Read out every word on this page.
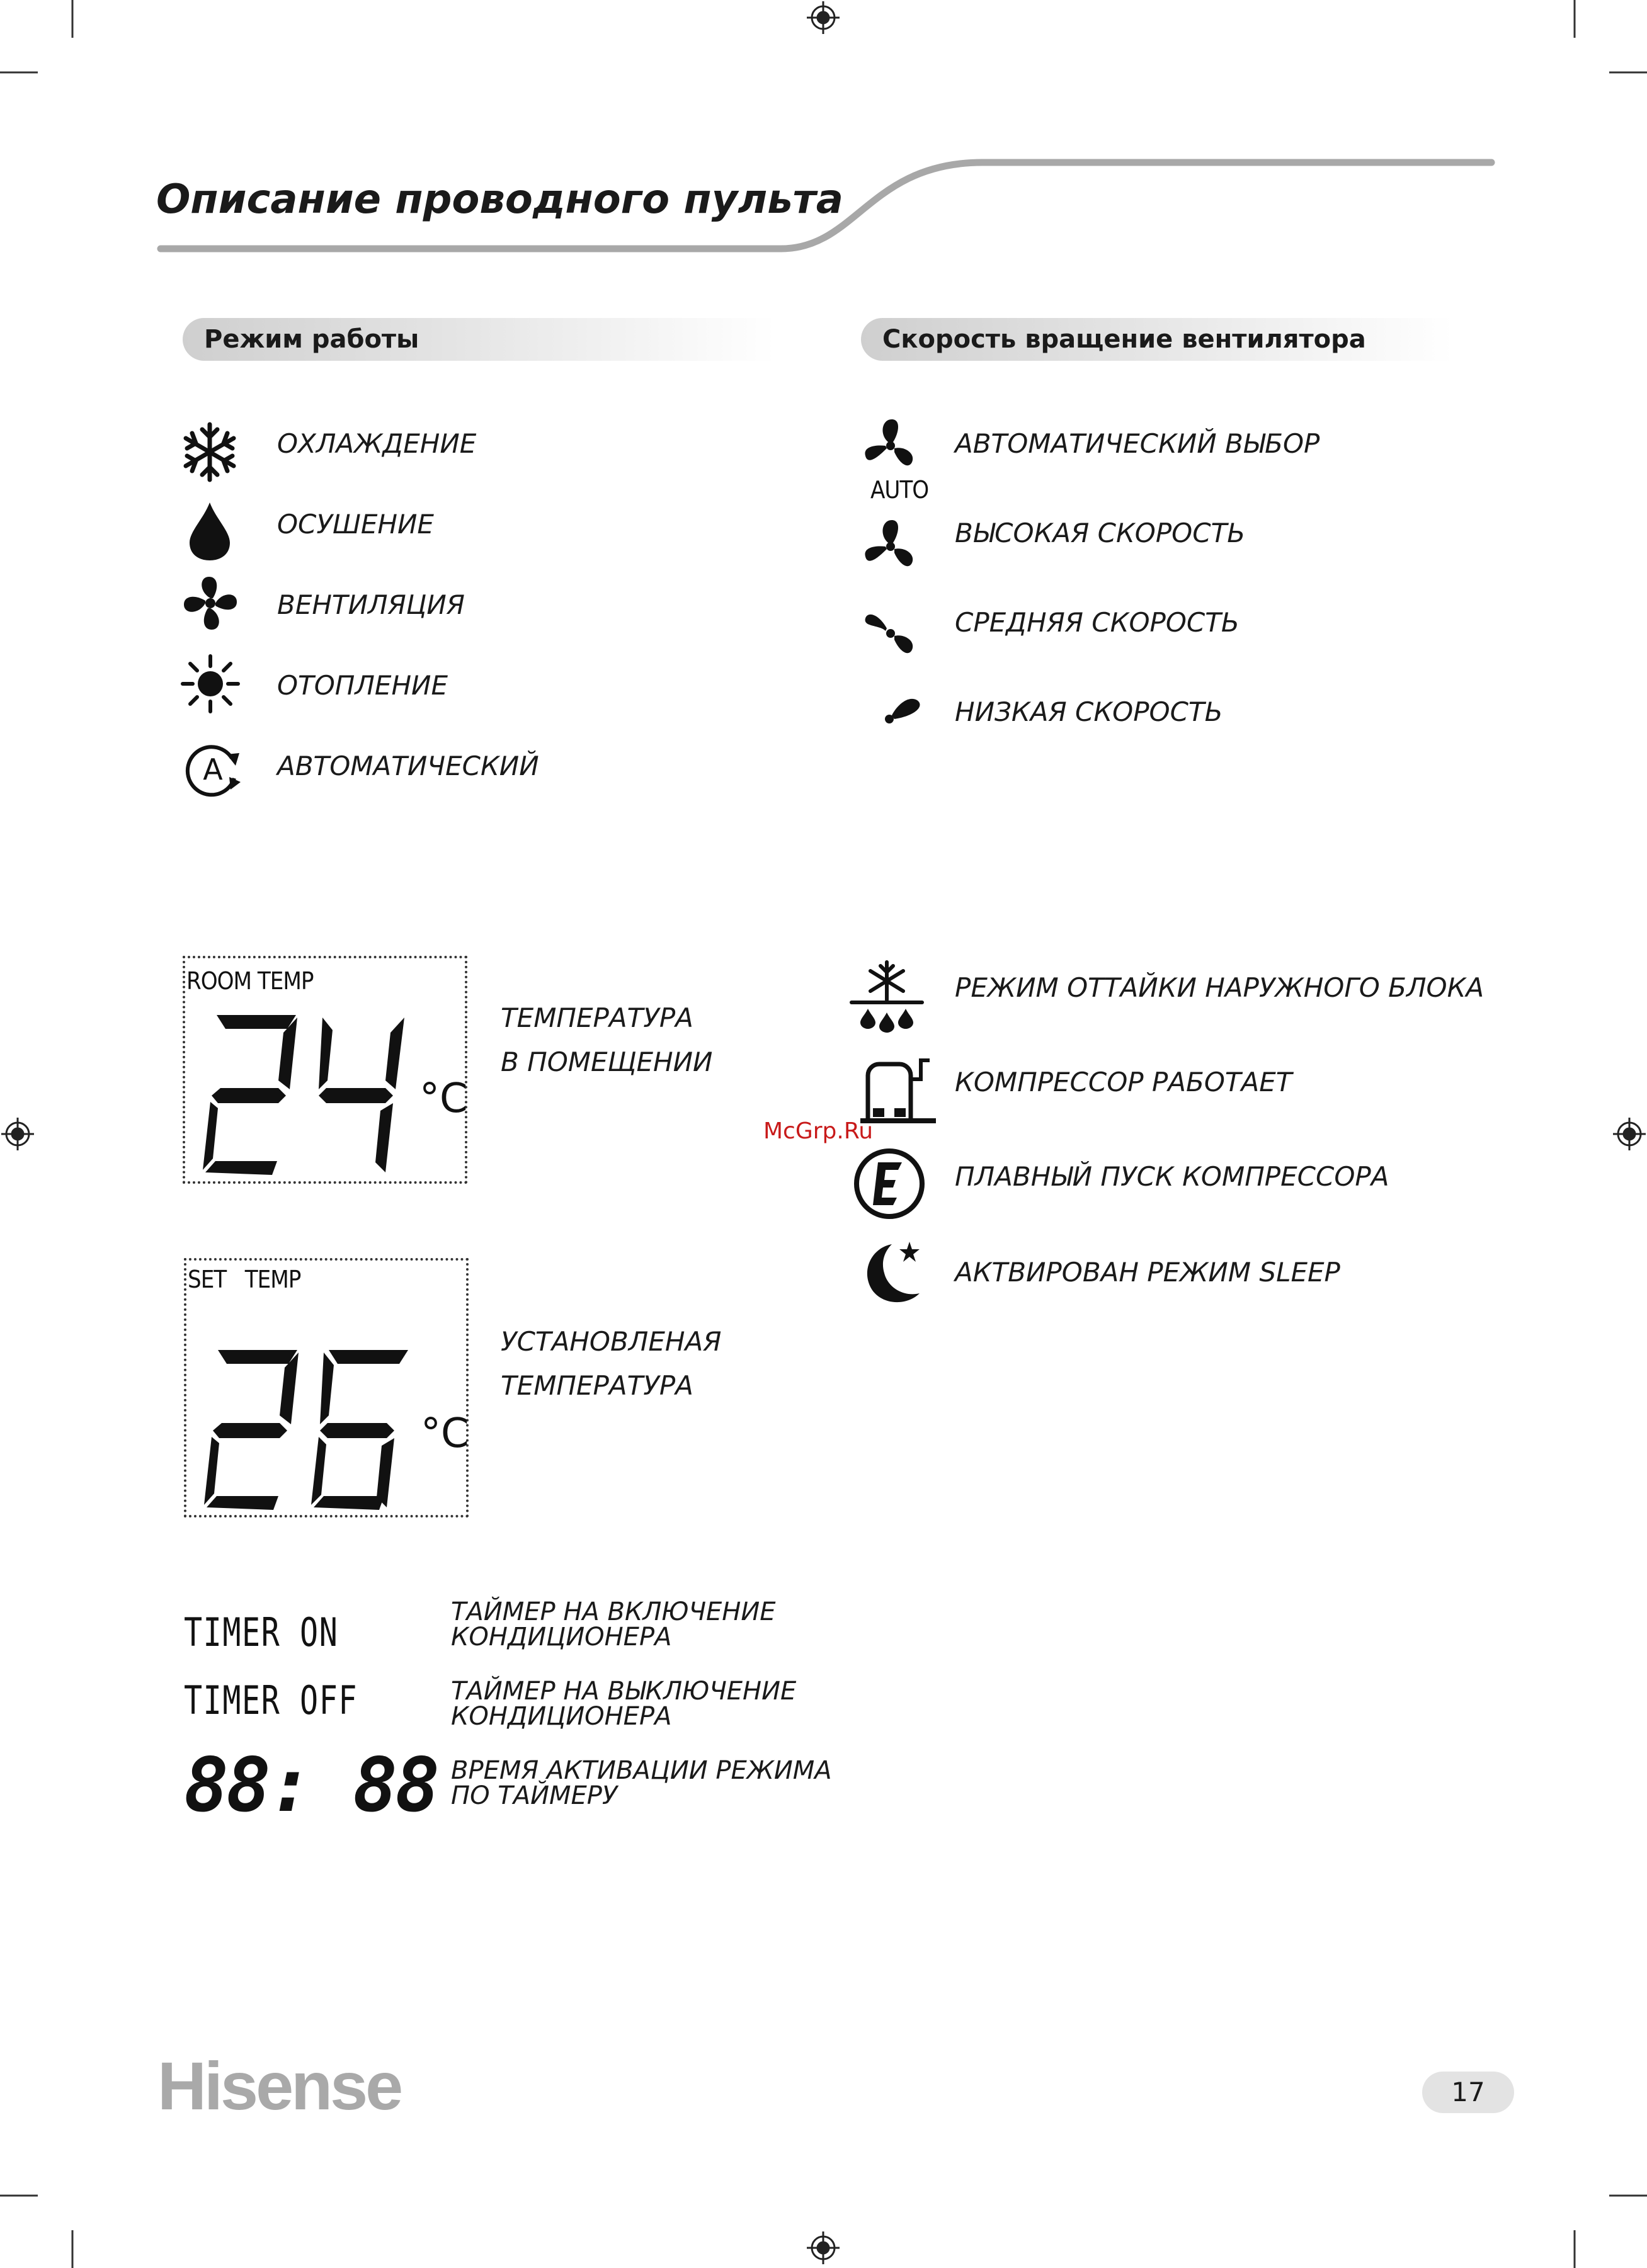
Описание проводного пульта
Режим работы	Скорость вращение вентилятора
ОХЛАЖДЕНИЕ
ОСУШЕНИЕ
ВЕНТИЛЯЦИЯ
ОТОПЛЕНИЕ
A АВТОМАТИЧЕСКИЙ
AUTO
АВТОМАТИЧЕСКИЙ ВЫБОР
ВЫСОКАЯ СКОРОСТЬ
СРЕДНЯЯ СКОРОСТЬ
НИЗКАЯ СКОРОСТЬ
ROOM TEMP
°C
ТЕМПЕРАТУРА
В ПОМЕЩЕНИИ
SET   TEMP
°C
УСТАНОВЛЕНАЯ
ТЕМПЕРАТУРА
РЕЖИМ ОТТАЙКИ НАРУЖНОГО БЛОКА
КОМПРЕССОР РАБОТАЕТ
ПЛАВНЫЙ ПУСК КОМПРЕССОРА
АКТВИРОВАН РЕЖИМ SLEEP
TIMER ON	ТАЙМЕР НА ВКЛЮЧЕНИЕ
КОНДИЦИОНЕРА
TIMER OFF	ТАЙМЕР НА ВЫКЛЮЧЕНИЕ
КОНДИЦИОНЕРА
88: 88 ВРЕМЯ АКТИВАЦИИ РЕЖИМА
ПО ТАЙМЕРУ
McGrp.Ru
Hisense	17
